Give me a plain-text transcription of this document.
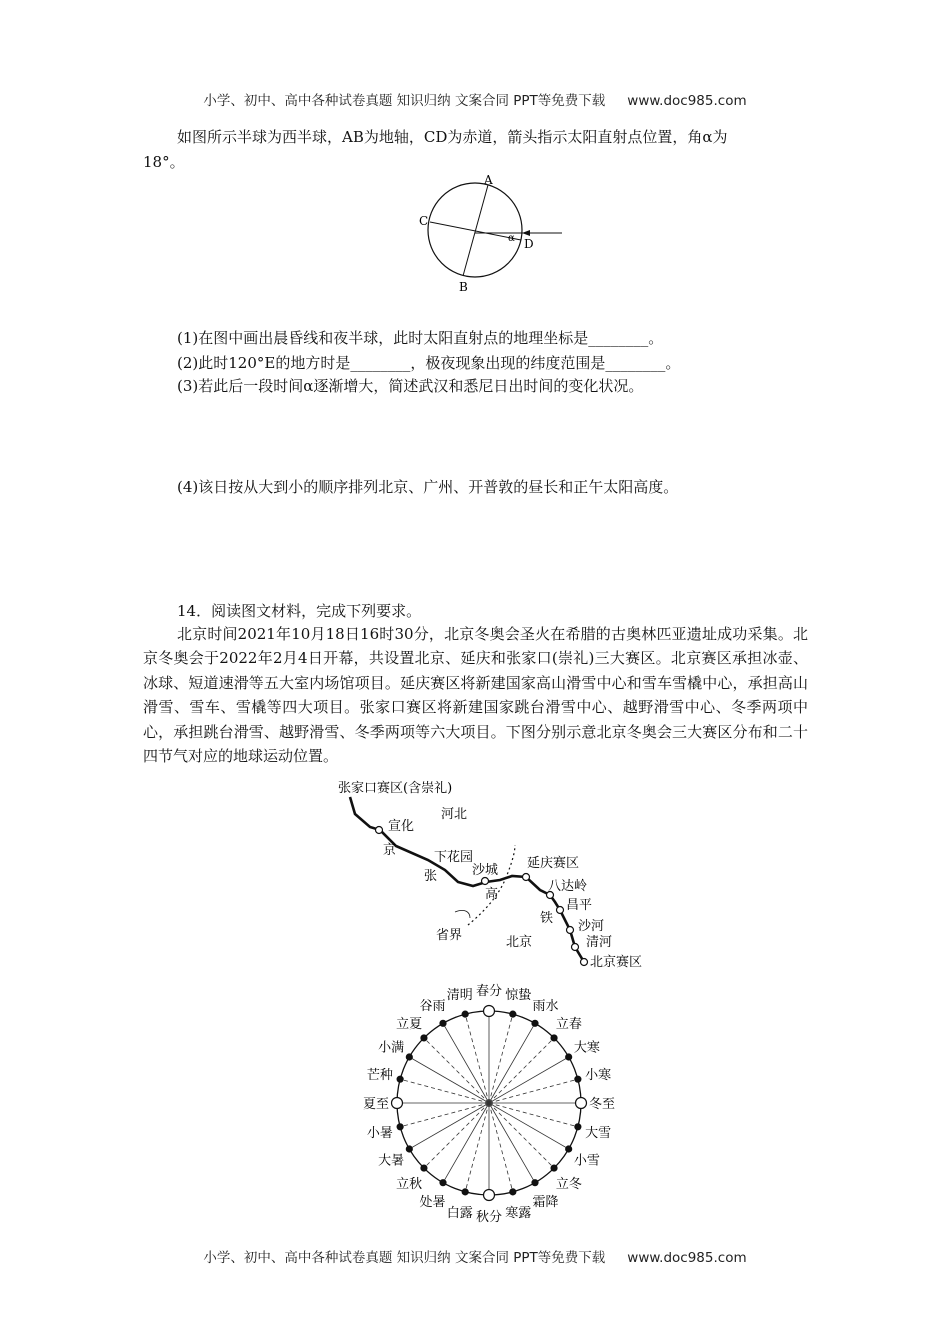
小学、初中、高中各种试卷真题 知识归纳 文案合同 PPT等免费下载 www.doc985.com
如图所示半球为西半球，AB为地轴，CD为赤道，箭头指示太阳直射点位置，角α为
18°。
A
B
C
D
α
(1)在图中画出晨昏线和夜半球，此时太阳直射点的地理坐标是________。
(2)此时120°E的地方时是________，极夜现象出现的纬度范围是________。
(3)若此后一段时间α逐渐增大，简述武汉和悉尼日出时间的变化状况。
(4)该日按从大到小的顺序排列北京、广州、开普敦的昼长和正午太阳高度。
14．阅读图文材料，完成下列要求。
北京时间2021年10月18日16时30分，北京冬奥会圣火在希腊的古奥林匹亚遗址成功采集。北京冬奥会于2022年2月4日开幕，共设置北京、延庆和张家口(崇礼)三大赛区。北京赛区承担冰壶、冰球、短道速滑等五大室内场馆项目。延庆赛区将新建国家高山滑雪中心和雪车雪橇中心，承担高山滑雪、雪车、雪橇等四大项目。张家口赛区将新建国家跳台滑雪中心、越野滑雪中心、冬季两项中心，承担跳台滑雪、越野滑雪、冬季两项等六大项目。下图分别示意北京冬奥会三大赛区分布和二十四节气对应的地球运动位置。
张家口赛区(含崇礼)
河北
宣化
京	下花园
张	沙城
高
延庆赛区
八达岭
昌平
铁
沙河
清河
省界	北京
北京赛区
春分 惊蛰
雨水
立春
大寒
小寒
冬至
大雪
小雪
立冬
霜降
寒露
秋分
白露
处暑
立秋
大暑
小暑
夏至
芒种
小满
立夏
谷雨
清明
小学、初中、高中各种试卷真题 知识归纳 文案合同 PPT等免费下载 www.doc985.com
